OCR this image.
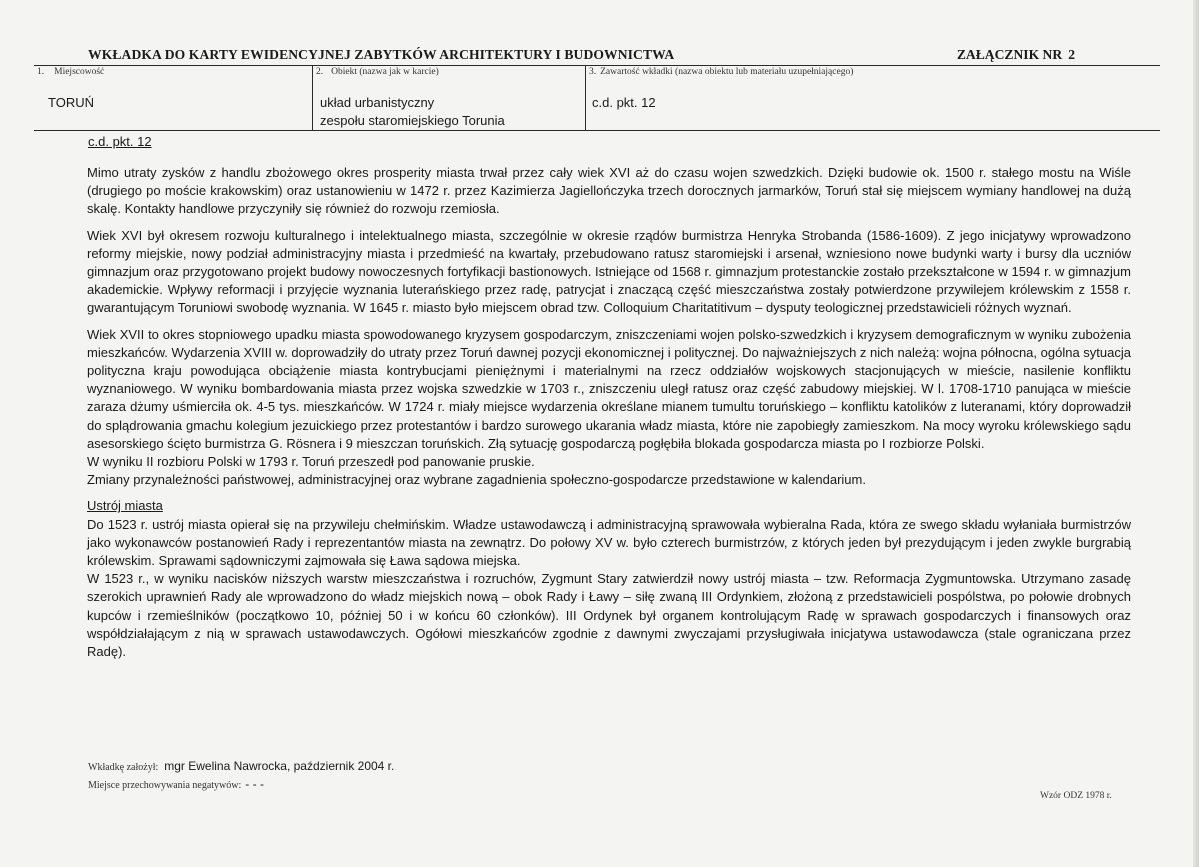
WKŁADKA DO KARTY EWIDENCYJNEJ ZABYTKÓW ARCHITEKTURY I BUDOWNICTWA	ZAŁĄCZNIK NR 2
1. Miejscowość
TORUŃ
2. Obiekt (nazwa jak w karcie)
układ urbanistyczny
zespołu staromiejskiego Torunia
3. Zawartość wkładki (nazwa obiektu lub materiału uzupełniającego)
c.d. pkt. 12
c.d. pkt. 12
Mimo utraty zysków z handlu zbożowego okres prosperity miasta trwał przez cały wiek XVI aż do czasu wojen szwedzkich. Dzięki budowie ok. 1500 r. stałego mostu na Wiśle (drugiego po moście krakowskim) oraz ustanowieniu w 1472 r. przez Kazimierza Jagiellończyka trzech dorocznych jarmarków, Toruń stał się miejscem wymiany handlowej na dużą skalę. Kontakty handlowe przyczyniły się również do rozwoju rzemiosła.
Wiek XVI był okresem rozwoju kulturalnego i intelektualnego miasta, szczególnie w okresie rządów burmistrza Henryka Strobanda (1586-1609). Z jego inicjatywy wprowadzono reformy miejskie, nowy podział administracyjny miasta i przedmieść na kwartały, przebudowano ratusz staromiejski i arsenał, wzniesiono nowe budynki warty i bursy dla uczniów gimnazjum oraz przygotowano projekt budowy nowoczesnych fortyfikacji bastionowych. Istniejące od 1568 r. gimnazjum protestanckie zostało przekształcone w 1594 r. w gimnazjum akademickie. Wpływy reformacji i przyjęcie wyznania luterańskiego przez radę, patrycjat i znaczącą część mieszczaństwa zostały potwierdzone przywilejem królewskim z 1558 r. gwarantującym Toruniowi swobodę wyznania. W 1645 r. miasto było miejscem obrad tzw. Colloquium Charitatitivum – dysputy teologicznej przedstawicieli różnych wyznań.

Wiek XVII to okres stopniowego upadku miasta spowodowanego kryzysem gospodarczym, zniszczeniami wojen polsko-szwedzkich i kryzysem demograficznym w wyniku zubożenia mieszkańców. Wydarzenia XVIII w. doprowadziły do utraty przez Toruń dawnej pozycji ekonomicznej i politycznej. Do najważniejszych z nich należą: wojna północna, ogólna sytuacja polityczna kraju powodująca obciążenie miasta kontrybucjami pieniężnymi i materialnymi na rzecz oddziałów wojskowych stacjonujących w mieście, nasilenie konfliktu wyznaniowego. W wyniku bombardowania miasta przez wojska szwedzkie w 1703 r., zniszczeniu uległ ratusz oraz część zabudowy miejskiej. W l. 1708-1710 panująca w mieście zaraza dżumy uśmierciła ok. 4-5 tys. mieszkańców. W 1724 r. miały miejsce wydarzenia określane mianem tumultu toruńskiego – konfliktu katolików z luteranami, który doprowadził do splądrowania gmachu kolegium jezuickiego przez protestantów i bardzo surowego ukarania władz miasta, które nie zapobiegły zamieszkom. Na mocy wyroku królewskiego sądu asesorskiego ścięto burmistrza G. Rösnera i 9 mieszczan toruńskich. Złą sytuację gospodarczą pogłębiła blokada gospodarcza miasta po I rozbiorze Polski.

W wyniku II rozbioru Polski w 1793 r. Toruń przeszedł pod panowanie pruskie.

Zmiany przynależności państwowej, administracyjnej oraz wybrane zagadnienia społeczno-gospodarcze przedstawione w kalendarium.

Ustrój miasta

Do 1523 r. ustrój miasta opierał się na przywileju chełmińskim. Władze ustawodawczą i administracyjną sprawowała wybieralna Rada, która ze swego składu wyłaniała burmistrzów jako wykonawców postanowień Rady i reprezentantów miasta na zewnątrz. Do połowy XV w. było czterech burmistrzów, z których jeden był prezydującym i jeden zwykle burgrabią królewskim. Sprawami sądowniczymi zajmowała się Ława sądowa miejska.

W 1523 r., w wyniku nacisków niższych warstw mieszczaństwa i rozruchów, Zygmunt Stary zatwierdził nowy ustrój miasta – tzw. Reformacja Zygmuntowska. Utrzymano zasadę szerokich uprawnień Rady ale wprowadzono do władz miejskich nową – obok Rady i Ławy – siłę zwaną III Ordynkiem, złożoną z przedstawicieli pospólstwa, po połowie drobnych kupców i rzemieślników (początkowo 10, później 50 i w końcu 60 członków). III Ordynek był organem kontrolującym Radę w sprawach gospodarczych i finansowych oraz współdziałającym z nią w sprawach ustawodawczych. Ogółowi mieszkańców zgodnie z dawnymi zwyczajami przysługiwała inicjatywa ustawodawcza (stale ograniczana przez Radę).

Wkładkę założył: mgr Ewelina Nawrocka, październik 2004 r.
Miejsce przechowywania negatywów: - - -
Wzór ODZ 1978 r.
